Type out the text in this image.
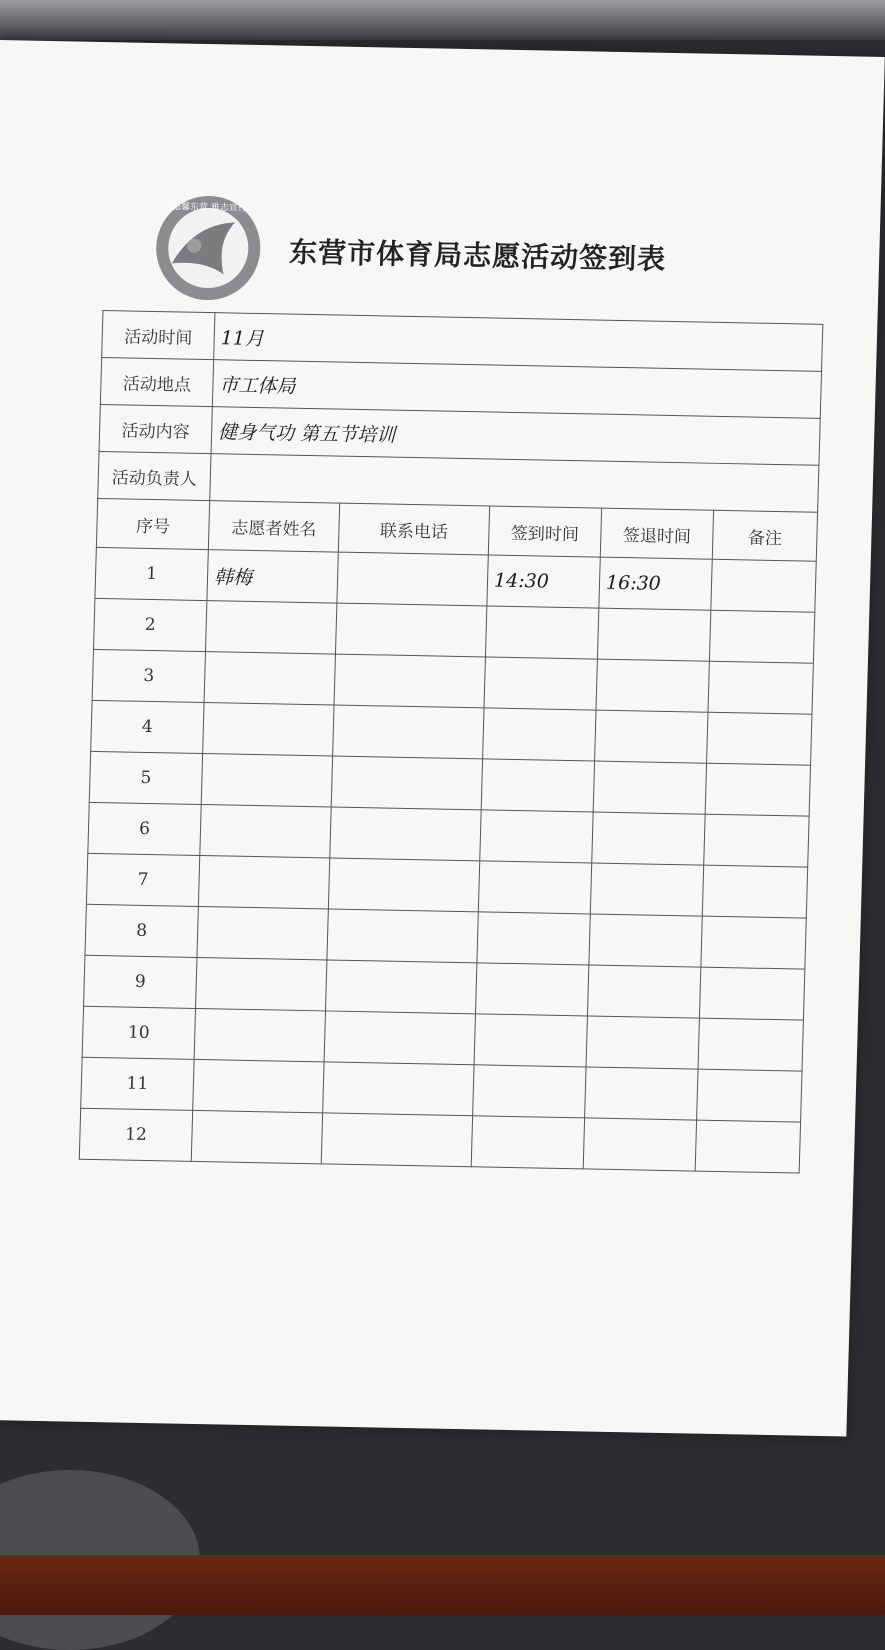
德馨东营 雅志宣行
东营市体育局志愿活动签到表
活动时间	11月				
活动地点	市工体局				
活动内容	健身气功 第五节培训				
活动负责人					
序号	志愿者姓名	联系电话	签到时间	签退时间	备注
1	韩梅		14:30	16:30	
2					
3					
4					
5					
6					
7					
8					
9					
10					
11					
12					
